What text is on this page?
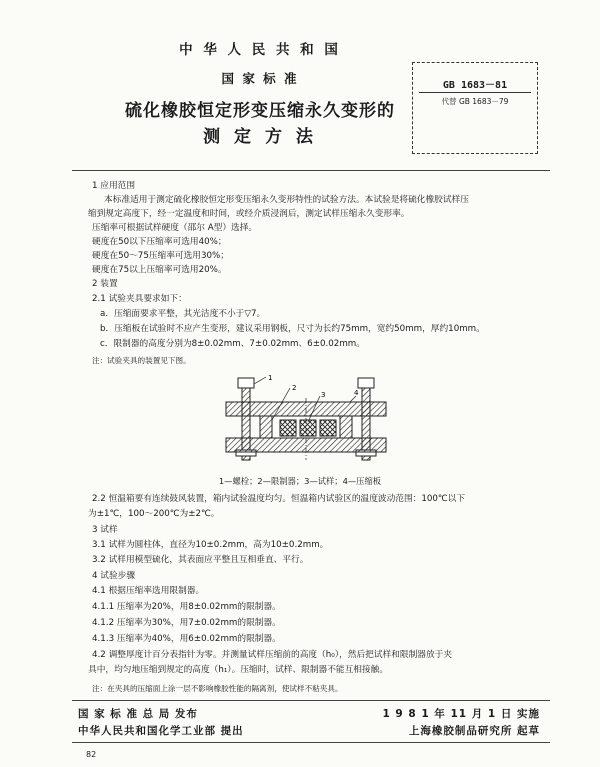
中 华 人 民 共 和 国
国 家 标 准
硫化橡胶恒定形变压缩永久变形的
测 定 方 法
GB 1683－81
代替 GB 1683－79
1 应用范围
本标准适用于测定硫化橡胶恒定形变压缩永久变形特性的试验方法。本试验是将硫化橡胶试样压
缩到规定高度下，经一定温度和时间，或经介质浸润后，测定试样压缩永久变形率。
压缩率可根据试样硬度（邵尔 A型）选择。
硬度在50以下压缩率可选用40%；
硬度在50～75压缩率可选用30%；
硬度在75以上压缩率可选用20%。
2 装置
2.1 试验夹具要求如下：
a．压缩面要求平整，其光洁度不小于▽7。
b．压缩板在试验时不应产生变形，建议采用钢板，尺寸为长约75mm，宽约50mm，厚约10mm。
c．限制器的高度分别为8±0.02mm、7±0.02mm、6±0.02mm。
注：试验夹具的装置见下图。
1
2
3	4
1—螺栓；2—限制器；3—试样；4—压缩板
2.2 恒温箱要有连续鼓风装置，箱内试验温度均匀。恒温箱内试验区的温度波动范围：100℃以下
为±1℃，100～200℃为±2℃。
3 试样
3.1 试样为圆柱体，直径为10±0.2mm，高为10±0.2mm。
3.2 试样用模型硫化，其表面应平整且互相垂直、平行。
4 试验步骤
4.1 根据压缩率选用限制器。
4.1.1 压缩率为20%，用8±0.02mm的限制器。
4.1.2 压缩率为30%，用7±0.02mm的限制器。
4.1.3 压缩率为40%，用6±0.02mm的限制器。
4.2 调整厚度计百分表指针为零。并测量试样压缩前的高度（h₀），然后把试样和限制器放于夹
具中，均匀地压缩到规定的高度（h₁）。压缩时，试样、限制器不能互相接触。
注：在夹具的压缩面上涂一层不影响橡胶性能的隔离剂，使试样不粘夹具。
国 家 标 准 总 局 发布
中华人民共和国化学工业部 提出
1 9 8 1 年 11 月 1 日 实施
上海橡胶制品研究所 起草
82
